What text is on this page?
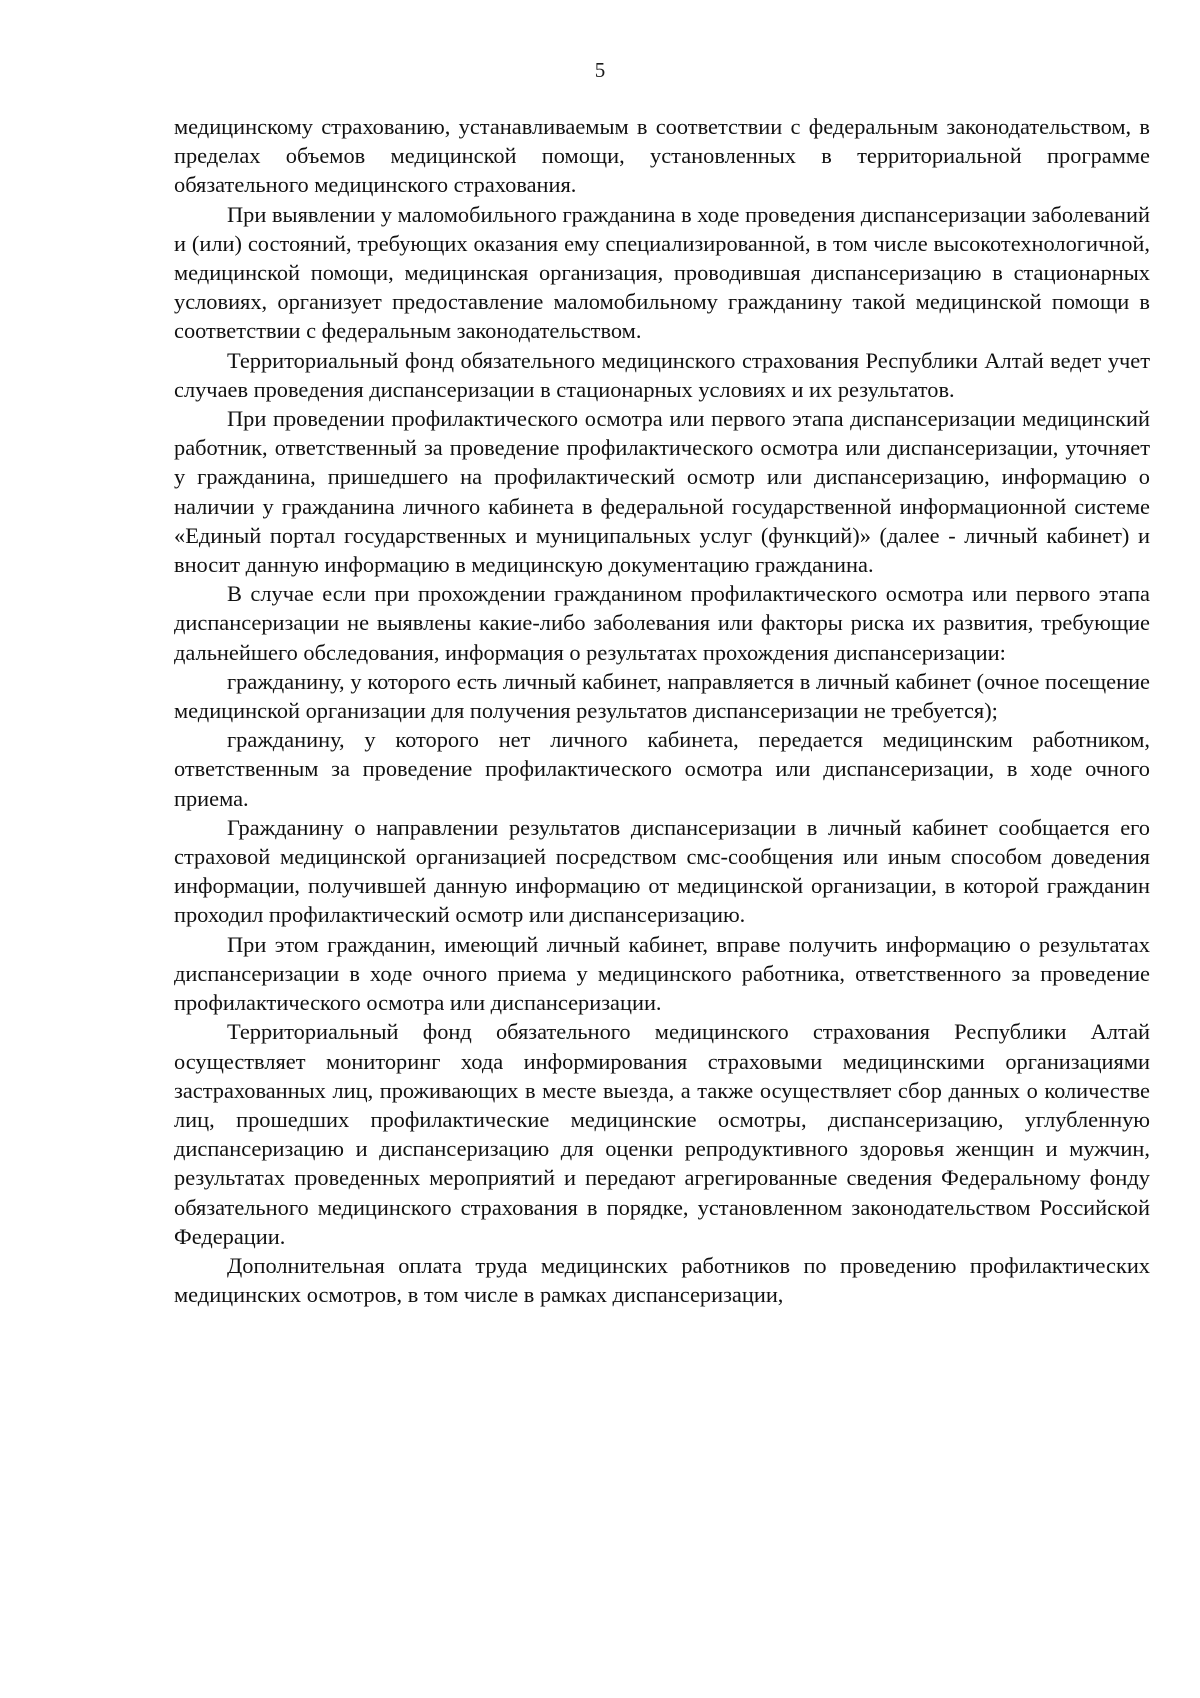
5

медицинскому страхованию, устанавливаемым в соответствии с федеральным законодательством, в пределах объемов медицинской помощи, установленных в территориальной программе обязательного медицинского страхования.

При выявлении у маломобильного гражданина в ходе проведения диспансеризации заболеваний и (или) состояний, требующих оказания ему специализированной, в том числе высокотехнологичной, медицинской помощи, медицинская организация, проводившая диспансеризацию в стационарных условиях, организует предоставление маломобильному гражданину такой медицинской помощи в соответствии с федеральным законодательством.

Территориальный фонд обязательного медицинского страхования Республики Алтай ведет учет случаев проведения диспансеризации в стационарных условиях и их результатов.

При проведении профилактического осмотра или первого этапа диспансеризации медицинский работник, ответственный за проведение профилактического осмотра или диспансеризации, уточняет у гражданина, пришедшего на профилактический осмотр или диспансеризацию, информацию о наличии у гражданина личного кабинета в федеральной государственной информационной системе «Единый портал государственных и муниципальных услуг (функций)» (далее - личный кабинет) и вносит данную информацию в медицинскую документацию гражданина.

В случае если при прохождении гражданином профилактического осмотра или первого этапа диспансеризации не выявлены какие-либо заболевания или факторы риска их развития, требующие дальнейшего обследования, информация о результатах прохождения диспансеризации:

гражданину, у которого есть личный кабинет, направляется в личный кабинет (очное посещение медицинской организации для получения результатов диспансеризации не требуется);

гражданину, у которого нет личного кабинета, передается медицинским работником, ответственным за проведение профилактического осмотра или диспансеризации, в ходе очного приема.

Гражданину о направлении результатов диспансеризации в личный кабинет сообщается его страховой медицинской организацией посредством смс-сообщения или иным способом доведения информации, получившей данную информацию от медицинской организации, в которой гражданин проходил профилактический осмотр или диспансеризацию.

При этом гражданин, имеющий личный кабинет, вправе получить информацию о результатах диспансеризации в ходе очного приема у медицинского работника, ответственного за проведение профилактического осмотра или диспансеризации.

Территориальный фонд обязательного медицинского страхования Республики Алтай осуществляет мониторинг хода информирования страховыми медицинскими организациями застрахованных лиц, проживающих в месте выезда, а также осуществляет сбор данных о количестве лиц, прошедших профилактические медицинские осмотры, диспансеризацию, углубленную диспансеризацию и диспансеризацию для оценки репродуктивного здоровья женщин и мужчин, результатах проведенных мероприятий и передают агрегированные сведения Федеральному фонду обязательного медицинского страхования в порядке, установленном законодательством Российской Федерации.

Дополнительная оплата труда медицинских работников по проведению профилактических медицинских осмотров, в том числе в рамках диспансеризации,
